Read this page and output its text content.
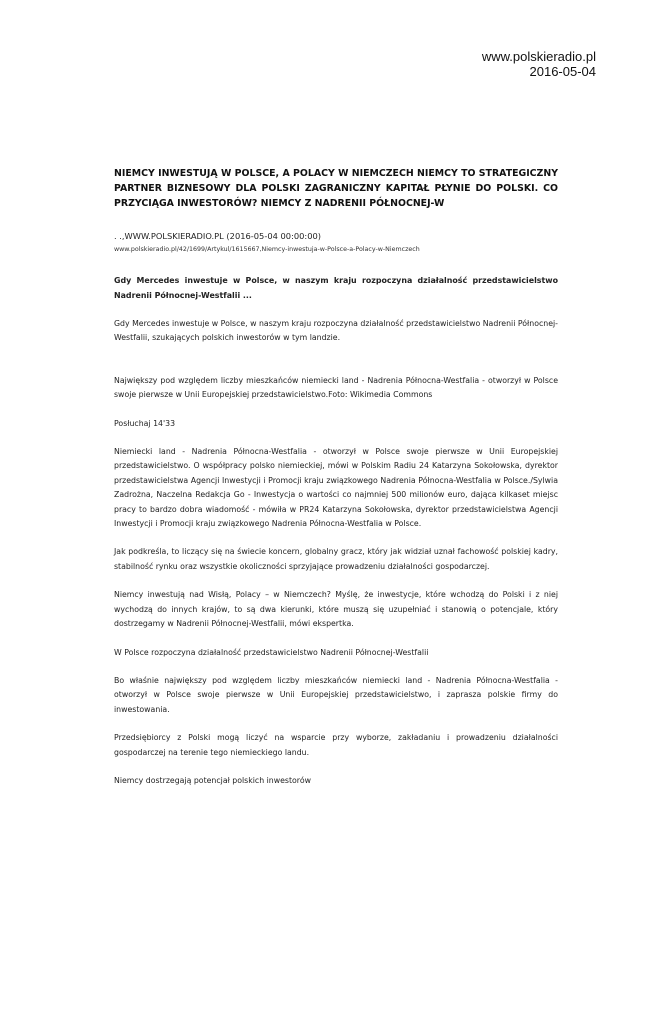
www.polskieradio.pl
2016-05-04
NIEMCY INWESTUJĄ W POLSCE, A POLACY W NIEMCZECH NIEMCY TO STRATEGICZNY PARTNER BIZNESOWY DLA POLSKI ZAGRANICZNY KAPITAŁ PŁYNIE DO POLSKI. CO PRZYCIĄGA INWESTORÓW? NIEMCY Z NADRENII PÓŁNOCNEJ-W

. .,WWW.POLSKIERADIO.PL (2016-05-04 00:00:00)

www.polskieradio.pl/42/1699/Artykul/1615667,Niemcy-inwestuja-w-Polsce-a-Polacy-w-Niemczech

Gdy Mercedes inwestuje w Polsce, w naszym kraju rozpoczyna działalność przedstawicielstwo Nadrenii Północnej-Westfalii ...

Gdy Mercedes inwestuje w Polsce, w naszym kraju rozpoczyna działalność przedstawicielstwo Nadrenii Północnej-Westfalii, szukających polskich inwestorów w tym landzie.

Największy pod względem liczby mieszkańców niemiecki land - Nadrenia Północna-Westfalia - otworzył w Polsce swoje pierwsze w Unii Europejskiej przedstawicielstwo.Foto: Wikimedia Commons

Posłuchaj 14'33

Niemiecki land - Nadrenia Północna-Westfalia - otworzył w Polsce swoje pierwsze w Unii Europejskiej przedstawicielstwo. O współpracy polsko niemieckiej, mówi w Polskim Radiu 24 Katarzyna Sokołowska, dyrektor przedstawicielstwa Agencji Inwestycji i Promocji kraju związkowego Nadrenia Północna-Westfalia w Polsce./Sylwia Zadrożna, Naczelna Redakcja Go - Inwestycja o wartości co najmniej 500 milionów euro, dająca kilkaset miejsc pracy to bardzo dobra wiadomość - mówiła w PR24 Katarzyna Sokołowska, dyrektor przedstawicielstwa Agencji Inwestycji i Promocji kraju związkowego Nadrenia Północna-Westfalia w Polsce.

Jak podkreśla, to liczący się na świecie koncern, globalny gracz, który jak widział uznał fachowość polskiej kadry, stabilność rynku oraz wszystkie okoliczności sprzyjające prowadzeniu działalności gospodarczej.

Niemcy inwestują nad Wisłą, Polacy – w Niemczech? Myślę, że inwestycje, które wchodzą do Polski i z niej wychodzą do innych krajów, to są dwa kierunki, które muszą się uzupełniać i stanowią o potencjale, który dostrzegamy w Nadrenii Północnej-Westfalii, mówi ekspertka.

W Polsce rozpoczyna działalność przedstawicielstwo Nadrenii Północnej-Westfalii

Bo właśnie największy pod względem liczby mieszkańców niemiecki land - Nadrenia Północna-Westfalia - otworzył w Polsce swoje pierwsze w Unii Europejskiej przedstawicielstwo, i zaprasza polskie firmy do inwestowania.

Przedsiębiorcy z Polski mogą liczyć na wsparcie przy wyborze, zakładaniu i prowadzeniu działalności gospodarczej na terenie tego niemieckiego landu.

Niemcy dostrzegają potencjał polskich inwestorów
